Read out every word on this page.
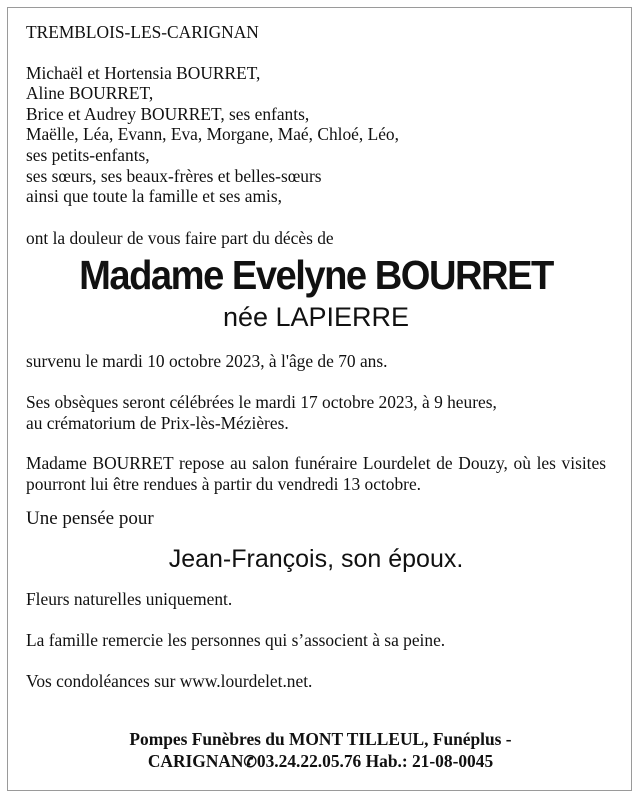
TREMBLOIS-LES-CARIGNAN

Michaël et Hortensia BOURRET,

Aline BOURRET,

Brice et Audrey BOURRET, ses enfants,

Maëlle, Léa, Evann, Eva, Morgane, Maé, Chloé, Léo,

ses petits-enfants,

ses sœurs, ses beaux-frères et belles-sœurs

ainsi que toute la famille et ses amis,

ont la douleur de vous faire part du décès de

Madame Evelyne BOURRET

née LAPIERRE

survenu le mardi 10 octobre 2023, à l'âge de 70 ans.

Ses obsèques seront célébrées le mardi 17 octobre 2023, à 9 heures,

au crématorium de Prix-lès-Mézières.

Madame BOURRET repose au salon funéraire Lourdelet de Douzy, où les visites pourront lui être rendues à partir du vendredi 13 octobre.

Une pensée pour

Jean-François, son époux.

Fleurs naturelles uniquement.

La famille remercie les personnes qui s’associent à sa peine.

Vos condoléances sur www.lourdelet.net.

Pompes Funèbres du MONT TILLEUL, Funéplus -
CARIGNAN✆03.24.22.05.76 Hab.: 21-08-0045
